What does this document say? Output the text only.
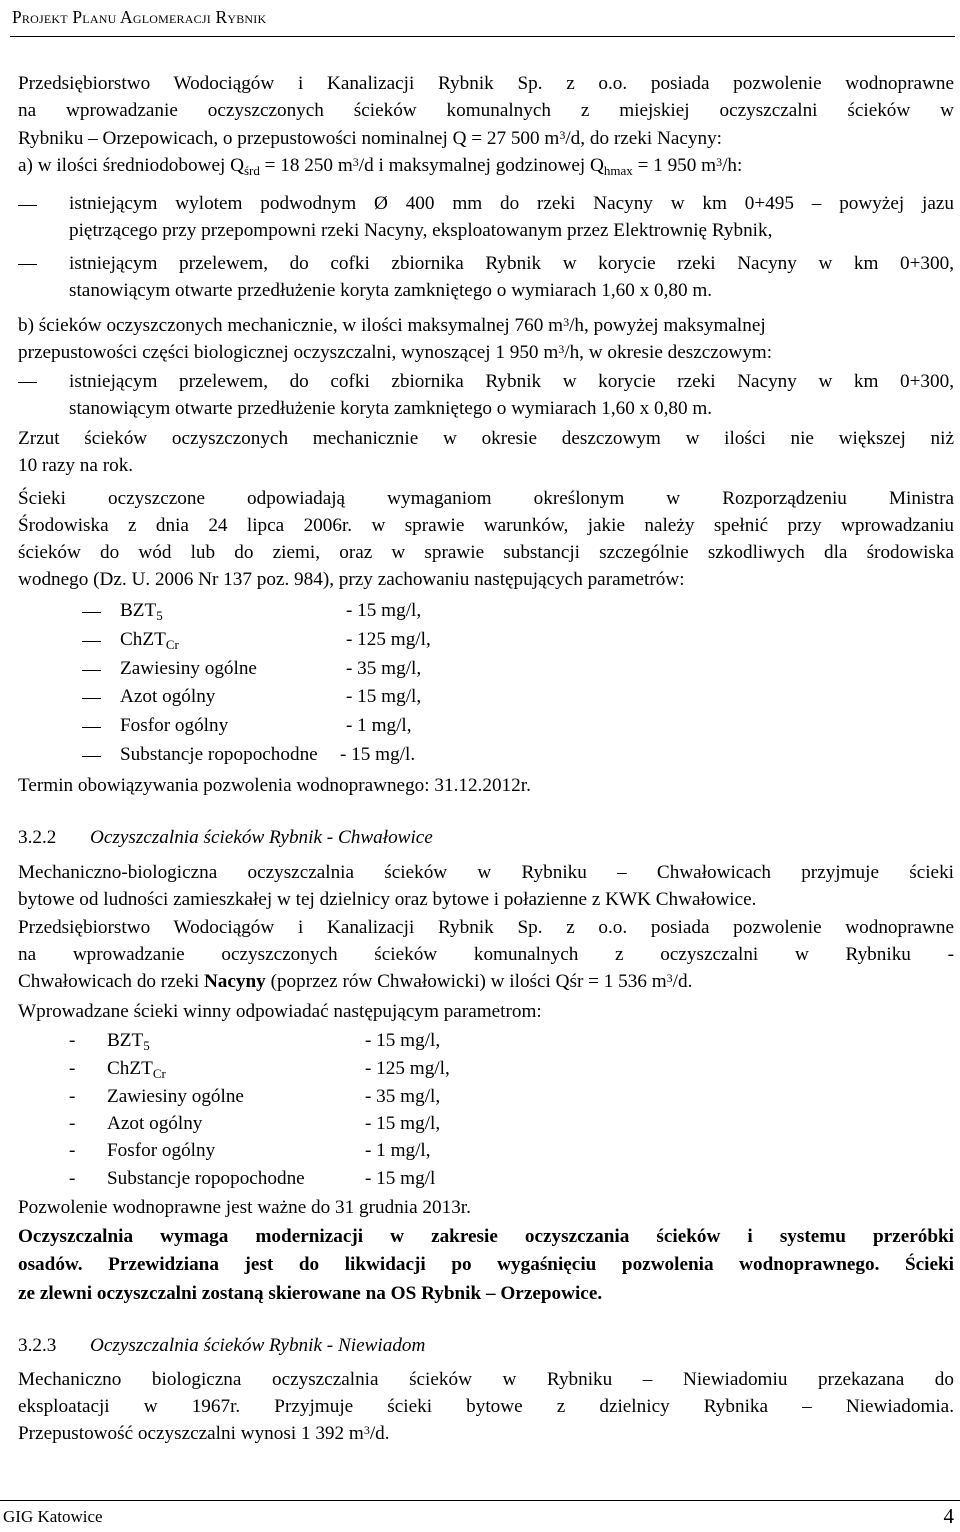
Projekt Planu Aglomeracji Rybnik
Przedsiębiorstwo Wodociągów i Kanalizacji Rybnik Sp. z o.o. posiada pozwolenie wodnoprawne
na wprowadzanie oczyszczonych ścieków komunalnych z miejskiej oczyszczalni ścieków w
Rybniku – Orzepowicach, o przepustowości nominalnej Q = 27 500 $m^3/d$, do rzeki Nacyny:
a) w ilości średniodobowej $Q_{śrd} = 18$ 250 $m^3/d$ i maksymalnej godzinowej $Q_{hmax} = 1$ 950 $m^3/h$:
istniejącym wylotem podwodnym Ø 400 mm do rzeki Nacyny w km 0+495 – powyżej jazu
piętrzącego przy przepompowni rzeki Nacyny, eksploatowanym przez Elektrownię Rybnik,
istniejącym przelewem, do cofki zbiornika Rybnik w korycie rzeki Nacyny w km 0+300,
stanowiącym otwarte przedłużenie koryta zamkniętego o wymiarach 1,60 x 0,80 m.
b) ścieków oczyszczonych mechanicznie, w ilości maksymalnej 760 $m^3/h$, powyżej maksymalnej
przepustowości części biologicznej oczyszczalni, wynoszącej 1 950 $m^3/h$, w okresie deszczowym:
istniejącym przelewem, do cofki zbiornika Rybnik w korycie rzeki Nacyny w km 0+300,
stanowiącym otwarte przedłużenie koryta zamkniętego o wymiarach 1,60 x 0,80 m.
Zrzut ścieków oczyszczonych mechanicznie w okresie deszczowym w ilości nie większej niż
10 razy na rok.
Ścieki oczyszczone odpowiadają wymaganiom określonym w Rozporządzeniu Ministra
Środowiska z dnia 24 lipca 2006r. w sprawie warunków, jakie należy spełnić przy wprowadzaniu
ścieków do wód lub do ziemi, oraz w sprawie substancji szczególnie szkodliwych dla środowiska
wodnego (Dz. U. 2006 Nr 137 poz. 984), przy zachowaniu następujących parametrów:
$BZT_5$	- 15 mg/l,
ChZT$_{Cr}$	- 125 mg/l,
Zawiesiny ogólne	- 35 mg/l,
Azot ogólny	- 15 mg/l,
Fosfor ogólny	- 1 mg/l,
Substancje ropopochodne - 15 mg/l.
Termin obowiązywania pozwolenia wodnoprawnego: 31.12.2012r.
3.2.2 Oczyszczalnia ścieków Rybnik - Chwałowice
Mechaniczno-biologiczna oczyszczalnia ścieków w Rybniku – Chwałowicach przyjmuje ścieki
bytowe od ludności zamieszkałej w tej dzielnicy oraz bytowe i połazienne z KWK Chwałowice.
Przedsiębiorstwo Wodociągów i Kanalizacji Rybnik Sp. z o.o. posiada pozwolenie wodnoprawne
na wprowadzanie oczyszczonych ścieków komunalnych z oczyszczalni w Rybniku -
Chwałowicach do rzeki Nacyny (poprzez rów Chwałowicki) w ilości Qśr = 1 536 $m^3/d$.
Wprowadzane ścieki winny odpowiadać następującym parametrom:
- $BZT_5$	- 15 mg/l,
- ChZT$_{Cr}$	- 125 mg/l,
- Zawiesiny ogólne	- 35 mg/l,
- Azot ogólny	- 15 mg/l,
- Fosfor ogólny	- 1 mg/l,
- Substancje ropopochodne	- 15 mg/l
Pozwolenie wodnoprawne jest ważne do 31 grudnia 2013r.
Oczyszczalnia wymaga modernizacji w zakresie oczyszczania ścieków i systemu przeróbki
osadów. Przewidziana jest do likwidacji po wygaśnięciu pozwolenia wodnoprawnego. Ścieki
ze zlewni oczyszczalni zostaną skierowane na OS Rybnik – Orzepowice.
3.2.3 Oczyszczalnia ścieków Rybnik - Niewiadom
Mechaniczno biologiczna oczyszczalnia ścieków w Rybniku – Niewiadomiu przekazana do
eksploatacji w 1967r. Przyjmuje ścieki bytowe z dzielnicy Rybnika – Niewiadomia.
Przepustowość oczyszczalni wynosi 1 392 $m^3/d$.
GIG Katowice	4
